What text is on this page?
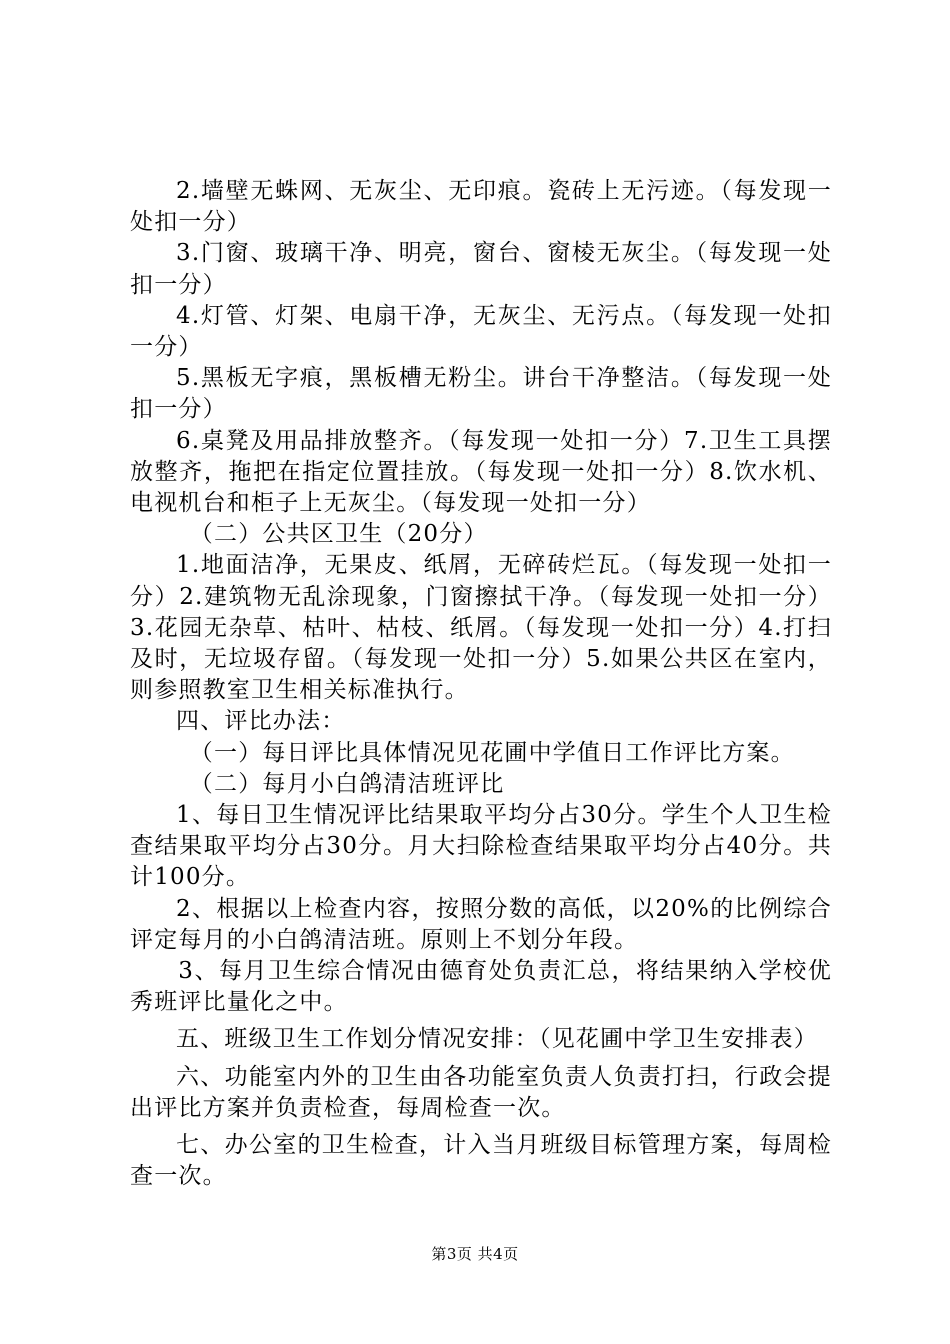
2.墙壁无蛛网、无灰尘、无印痕。瓷砖上无污迹。（每发现一处扣一分）

3.门窗、玻璃干净、明亮，窗台、窗棱无灰尘。（每发现一处扣一分）

4.灯管、灯架、电扇干净，无灰尘、无污点。（每发现一处扣一分）

5.黑板无字痕，黑板槽无粉尘。讲台干净整洁。（每发现一处扣一分）

6.桌凳及用品排放整齐。（每发现一处扣一分）7.卫生工具摆放整齐，拖把在指定位置挂放。（每发现一处扣一分）8.饮水机、电视机台和柜子上无灰尘。（每发现一处扣一分）

（二）公共区卫生（20分）

1.地面洁净，无果皮、纸屑，无碎砖烂瓦。（每发现一处扣一分）2.建筑物无乱涂现象，门窗擦拭干净。（每发现一处扣一分）3.花园无杂草、枯叶、枯枝、纸屑。（每发现一处扣一分）4.打扫及时，无垃圾存留。（每发现一处扣一分）5.如果公共区在室内，则参照教室卫生相关标准执行。

四、评比办法：

（一）每日评比具体情况见花圃中学值日工作评比方案。

（二）每月小白鸽清洁班评比

1、每日卫生情况评比结果取平均分占30分。学生个人卫生检查结果取平均分占30分。月大扫除检查结果取平均分占40分。共计100分。

2、根据以上检查内容，按照分数的高低，以20%的比例综合评定每月的小白鸽清洁班。原则上不划分年段。

3、每月卫生综合情况由德育处负责汇总，将结果纳入学校优秀班评比量化之中。

五、班级卫生工作划分情况安排：（见花圃中学卫生安排表）

六、功能室内外的卫生由各功能室负责人负责打扫，行政会提出评比方案并负责检查，每周检查一次。

七、办公室的卫生检查，计入当月班级目标管理方案，每周检查一次。

第3页 共4页
